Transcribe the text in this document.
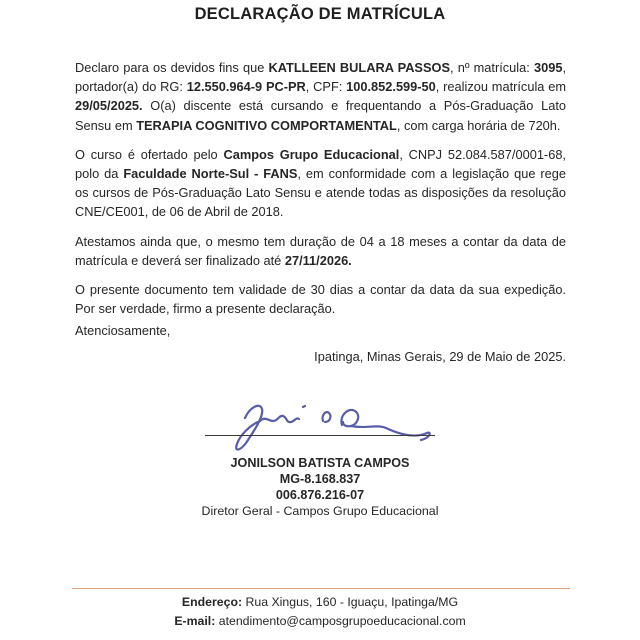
DECLARAÇÃO DE MATRÍCULA

Declaro para os devidos fins que KATLLEEN BULARA PASSOS, nº matrícula: 3095, portador(a) do RG: 12.550.964-9 PC-PR, CPF: 100.852.599-50, realizou matrícula em 29/05/2025. O(a) discente está cursando e frequentando a Pós-Graduação Lato Sensu em TERAPIA COGNITIVO COMPORTAMENTAL, com carga horária de 720h.

O curso é ofertado pelo Campos Grupo Educacional, CNPJ 52.084.587/0001-68, polo da Faculdade Norte-Sul - FANS, em conformidade com a legislação que rege os cursos de Pós-Graduação Lato Sensu e atende todas as disposições da resolução CNE/CE001, de 06 de Abril de 2018.

Atestamos ainda que, o mesmo tem duração de 04 a 18 meses a contar da data de matrícula e deverá ser finalizado até 27/11/2026.

O presente documento tem validade de 30 dias a contar da data da sua expedição. Por ser verdade, firmo a presente declaração.

Atenciosamente,
Ipatinga, Minas Gerais, 29 de Maio de 2025.
JONILSON BATISTA CAMPOS
MG-8.168.837
006.876.216-07
Diretor Geral - Campos Grupo Educacional

Endereço: Rua Xingus, 160 - Iguaçu, Ipatinga/MG

E-mail: atendimento@camposgrupoeducacional.com
